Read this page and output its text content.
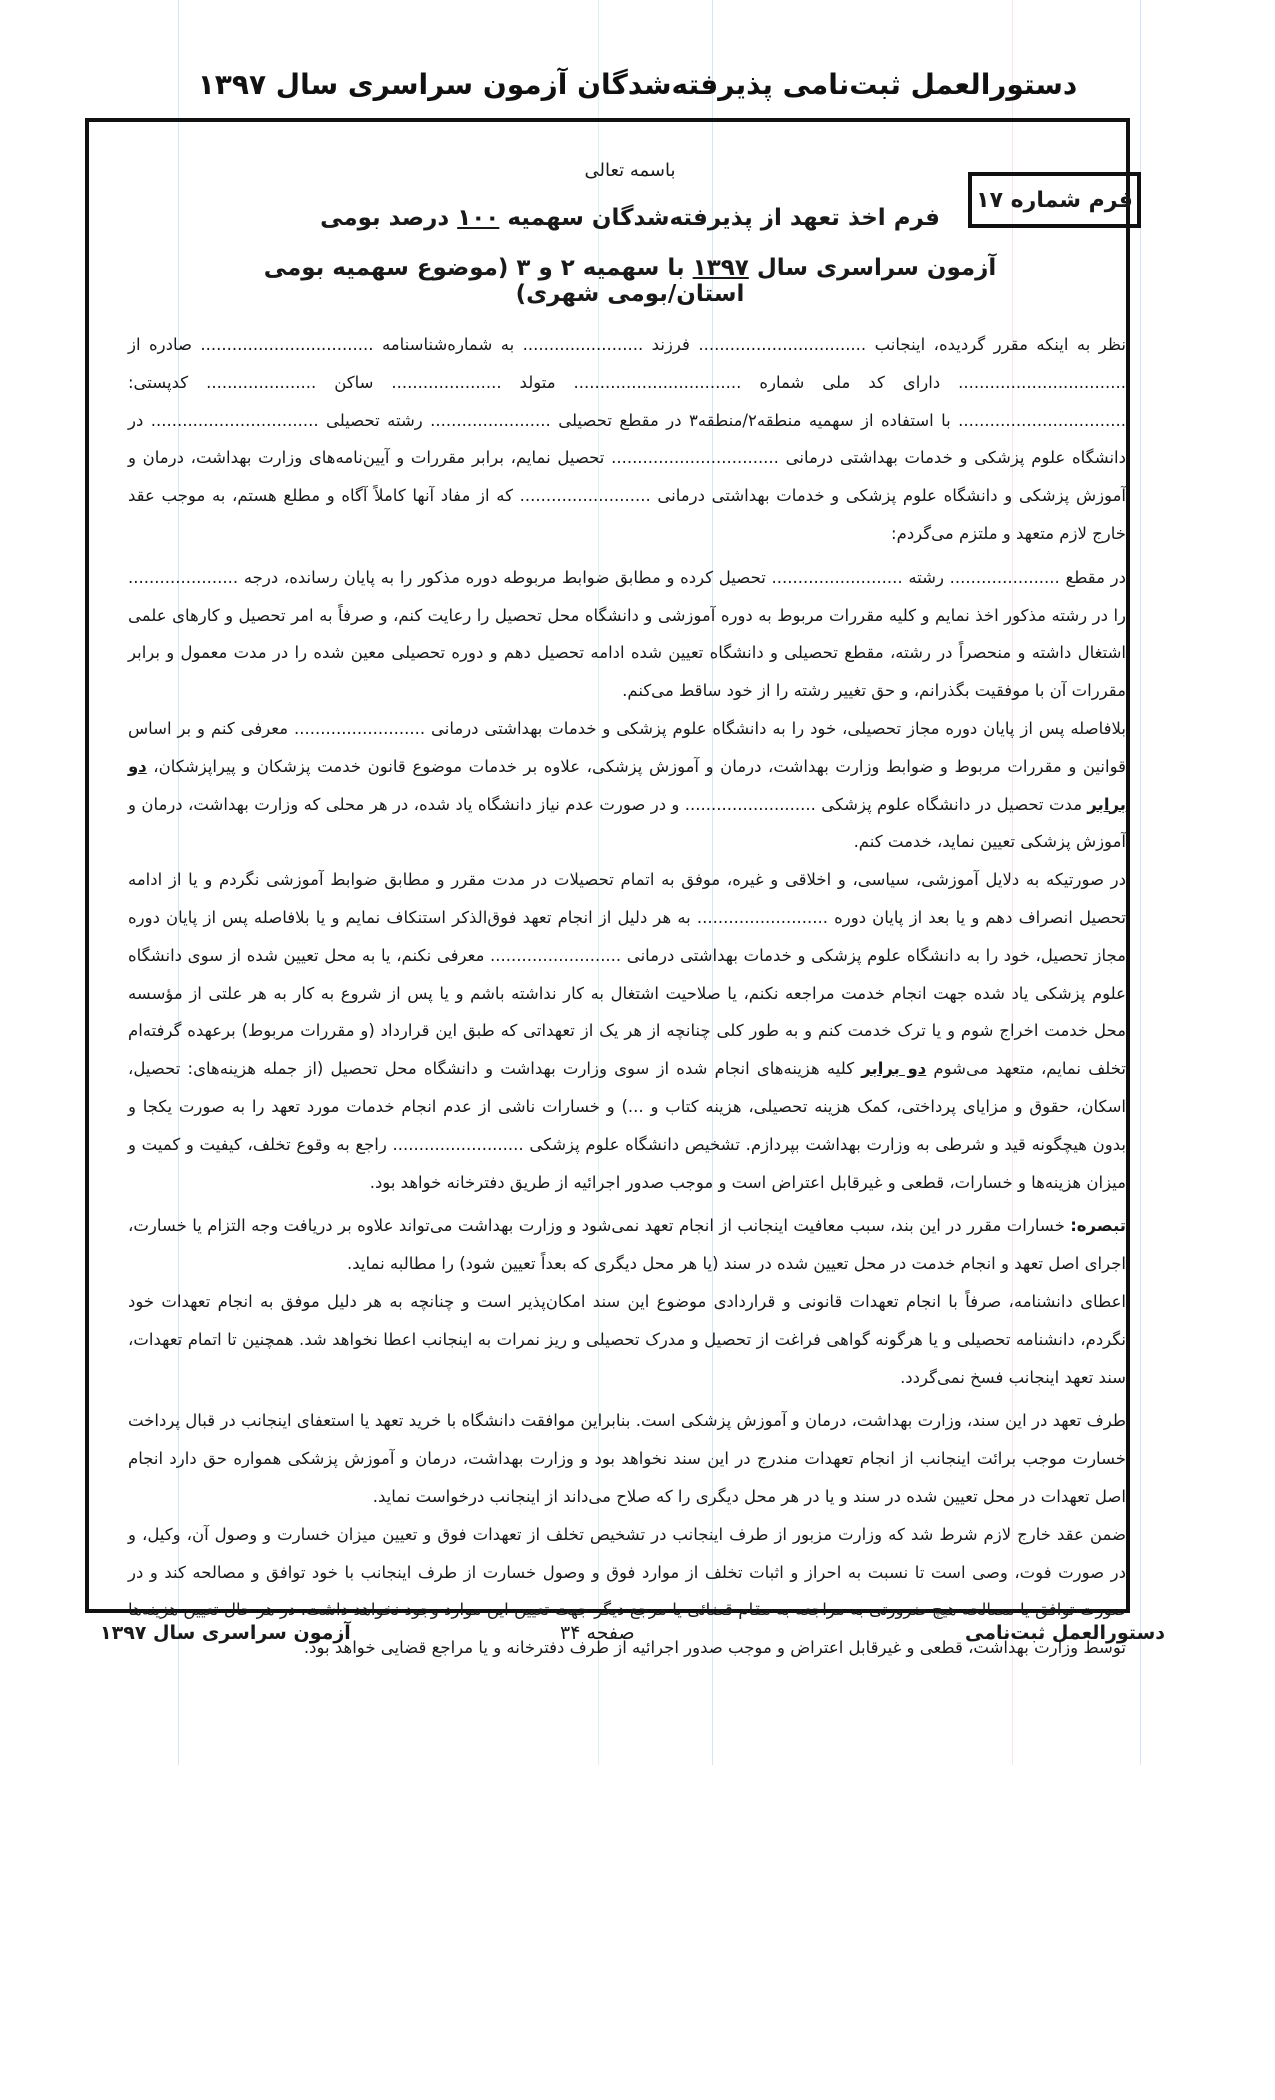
دستورالعمل ثبت‌نامی پذیرفته‌شدگان آزمون سراسری سال ۱۳۹۷
فرم شماره ۱۷
باسمه تعالی
فرم اخذ تعهد از پذیرفته‌شدگان سهمیه ۱۰۰ درصد بومی
آزمون سراسری سال ۱۳۹۷ با سهمیه ۲ و ۳ (موضوع سهمیه بومی استان/بومی شهری)

نظر به اینکه مقرر گردیده، اینجانب ................................ فرزند ....................... به شماره‌شناسنامه ................................. صادره از ................................ دارای کد ملی شماره ................................ متولد ..................... ساکن ..................... کدپستی: ................................ با استفاده از سهمیه منطقه۲/منطقه۳ در مقطع تحصیلی ....................... رشته تحصیلی ................................ در دانشگاه علوم پزشکی و خدمات بهداشتی درمانی ................................ تحصیل نمایم، برابر مقررات و آیین‌نامه‌های وزارت بهداشت، درمان و آموزش پزشکی و دانشگاه علوم پزشکی و خدمات بهداشتی درمانی ......................... که از مفاد آنها کاملاً آگاه و مطلع هستم، به موجب عقد خارج لازم متعهد و ملتزم می‌گردم:

در مقطع ..................... رشته ......................... تحصیل کرده و مطابق ضوابط مربوطه دوره مذکور را به پایان رسانده، درجه ..................... را در رشته مذکور اخذ نمایم و کلیه مقررات مربوط به دوره آموزشی و دانشگاه محل تحصیل را رعایت کنم، و صرفاً به امر تحصیل و کارهای علمی اشتغال داشته و منحصراً در رشته، مقطع تحصیلی و دانشگاه تعیین شده ادامه تحصیل دهم و دوره تحصیلی معین شده را در مدت معمول و برابر مقررات آن با موفقیت بگذرانم، و حق تغییر رشته را از خود ساقط می‌کنم.

بلافاصله پس از پایان دوره مجاز تحصیلی، خود را به دانشگاه علوم پزشکی و خدمات بهداشتی درمانی ......................... معرفی کنم و بر اساس قوانین و مقررات مربوط و ضوابط وزارت بهداشت، درمان و آموزش پزشکی، علاوه بر خدمات موضوع قانون خدمت پزشکان و پیراپزشکان، دو برابر مدت تحصیل در دانشگاه علوم پزشکی ......................... و در صورت عدم نیاز دانشگاه یاد شده، در هر محلی که وزارت بهداشت، درمان و آموزش پزشکی تعیین نماید، خدمت کنم.

در صورتیکه به دلایل آموزشی، سیاسی، و اخلاقی و غیره، موفق به اتمام تحصیلات در مدت مقرر و مطابق ضوابط آموزشی نگردم و یا از ادامه تحصیل انصراف دهم و یا بعد از پایان دوره ......................... به هر دلیل از انجام تعهد فوق‌الذکر استنکاف نمایم و یا بلافاصله پس از پایان دوره مجاز تحصیل، خود را به دانشگاه علوم پزشکی و خدمات بهداشتی درمانی ......................... معرفی نکنم، یا به محل تعیین شده از سوی دانشگاه علوم پزشکی یاد شده جهت انجام خدمت مراجعه نکنم، یا صلاحیت اشتغال به کار نداشته باشم و یا پس از شروع به کار به هر علتی از مؤسسه محل خدمت اخراج شوم و یا ترک خدمت کنم و به طور کلی چنانچه از هر یک از تعهداتی که طبق این قرارداد (و مقررات مربوط) برعهده گرفته‌ام تخلف نمایم، متعهد می‌شوم دو برابر کلیه هزینه‌های انجام شده از سوی وزارت بهداشت و دانشگاه محل تحصیل (از جمله هزینه‌های: تحصیل، اسکان، حقوق و مزایای پرداختی، کمک هزینه تحصیلی، هزینه کتاب و ...) و خسارات ناشی از عدم انجام خدمات مورد تعهد را به صورت یکجا و بدون هیچگونه قید و شرطی به وزارت بهداشت بپردازم. تشخیص دانشگاه علوم پزشکی ......................... راجع به وقوع تخلف، کیفیت و کمیت و میزان هزینه‌ها و خسارات، قطعی و غیرقابل اعتراض است و موجب صدور اجرائیه از طریق دفترخانه خواهد بود.

تبصره: خسارات مقرر در این بند، سبب معافیت اینجانب از انجام تعهد نمی‌شود و وزارت بهداشت می‌تواند علاوه بر دریافت وجه التزام یا خسارت، اجرای اصل تعهد و انجام خدمت در محل تعیین شده در سند (یا هر محل دیگری که بعداً تعیین شود) را مطالبه نماید.

اعطای دانشنامه، صرفاً با انجام تعهدات قانونی و قراردادی موضوع این سند امکان‌پذیر است و چنانچه به هر دلیل موفق به انجام تعهدات خود نگردم، دانشنامه تحصیلی و یا هرگونه گواهی فراغت از تحصیل و مدرک تحصیلی و ریز نمرات به اینجانب اعطا نخواهد شد. همچنین تا اتمام تعهدات، سند تعهد اینجانب فسخ نمی‌گردد.

طرف تعهد در این سند، وزارت بهداشت، درمان و آموزش پزشکی است. بنابراین موافقت دانشگاه با خرید تعهد یا استعفای اینجانب در قبال پرداخت خسارت موجب برائت اینجانب از انجام تعهدات مندرج در این سند نخواهد بود و وزارت بهداشت، درمان و آموزش پزشکی همواره حق دارد انجام اصل تعهدات در محل تعیین شده در سند و یا در هر محل دیگری را که صلاح می‌داند از اینجانب درخواست نماید.

ضمن عقد خارج لازم شرط شد که وزارت مزبور از طرف اینجانب در تشخیص تخلف از تعهدات فوق و تعیین میزان خسارت و وصول آن، وکیل، و در صورت فوت، وصی است تا نسبت به احراز و اثبات تخلف از موارد فوق و وصول خسارت از طرف اینجانب با خود توافق و مصالحه کند و در صورت توافق یا مصالحه هیچ ضرورتی به مراجعه به مقام قضائی یا مرجع دیگر جهت تعیین این موارد وجود نخواهد داشت. در هر حال تعیین هزینه‌ها توسط وزارت بهداشت، قطعی و غیرقابل اعتراض و موجب صدور اجرائیه از طرف دفترخانه و یا مراجع قضایی خواهد بود.

دستورالعمل ثبت‌نامی
صفحه ۳۴
آزمون سراسری سال ۱۳۹۷
